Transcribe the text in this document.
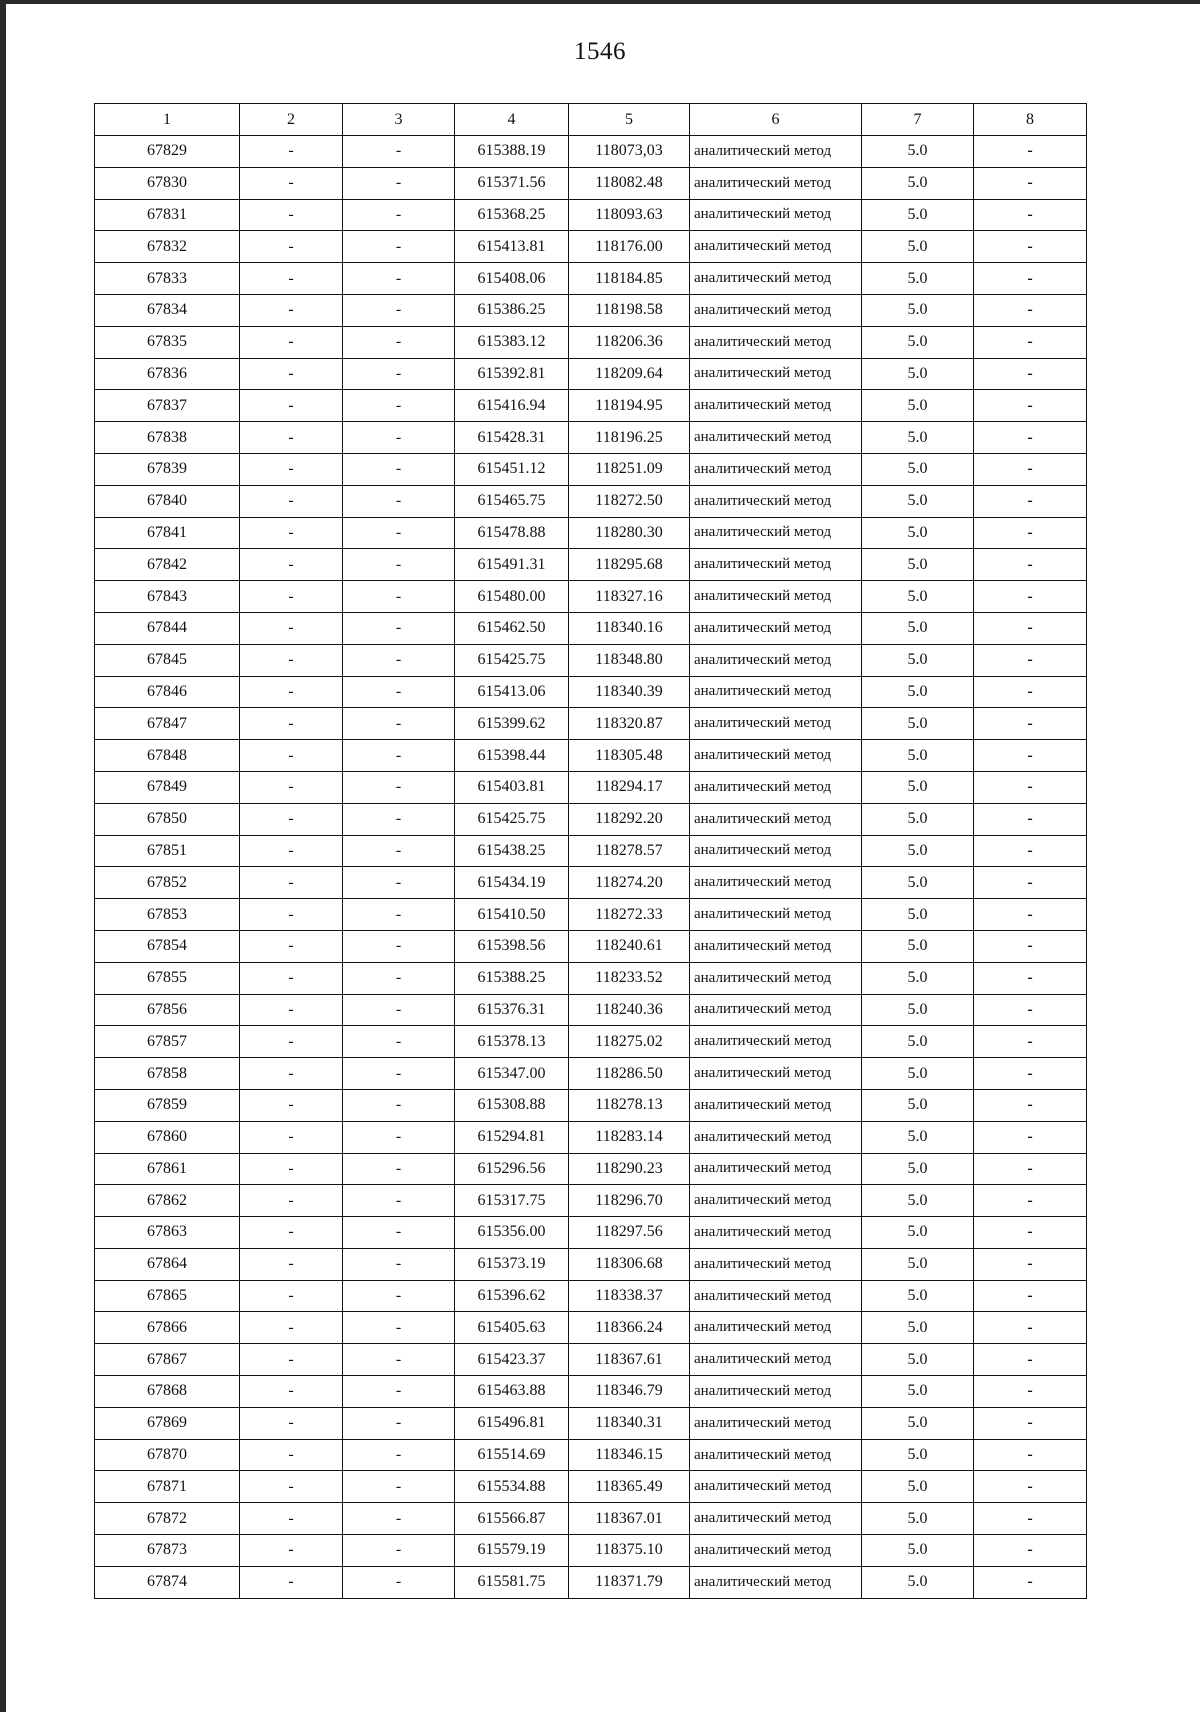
1546
1	2	3	4	5	6	7	8
67829	-	-	615388.19	118073,03	аналитический метод	5.0	-
67830	-	-	615371.56	118082.48	аналитический метод	5.0	-
67831	-	-	615368.25	118093.63	аналитический метод	5.0	-
67832	-	-	615413.81	118176.00	аналитический метод	5.0	-
67833	-	-	615408.06	118184.85	аналитический метод	5.0	-
67834	-	-	615386.25	118198.58	аналитический метод	5.0	-
67835	-	-	615383.12	118206.36	аналитический метод	5.0	-
67836	-	-	615392.81	118209.64	аналитический метод	5.0	-
67837	-	-	615416.94	118194.95	аналитический метод	5.0	-
67838	-	-	615428.31	118196.25	аналитический метод	5.0	-
67839	-	-	615451.12	118251.09	аналитический метод	5.0	-
67840	-	-	615465.75	118272.50	аналитический метод	5.0	-
67841	-	-	615478.88	118280.30	аналитический метод	5.0	-
67842	-	-	615491.31	118295.68	аналитический метод	5.0	-
67843	-	-	615480.00	118327.16	аналитический метод	5.0	-
67844	-	-	615462.50	118340.16	аналитический метод	5.0	-
67845	-	-	615425.75	118348.80	аналитический метод	5.0	-
67846	-	-	615413.06	118340.39	аналитический метод	5.0	-
67847	-	-	615399.62	118320.87	аналитический метод	5.0	-
67848	-	-	615398.44	118305.48	аналитический метод	5.0	-
67849	-	-	615403.81	118294.17	аналитический метод	5.0	-
67850	-	-	615425.75	118292.20	аналитический метод	5.0	-
67851	-	-	615438.25	118278.57	аналитический метод	5.0	-
67852	-	-	615434.19	118274.20	аналитический метод	5.0	-
67853	-	-	615410.50	118272.33	аналитический метод	5.0	-
67854	-	-	615398.56	118240.61	аналитический метод	5.0	-
67855	-	-	615388.25	118233.52	аналитический метод	5.0	-
67856	-	-	615376.31	118240.36	аналитический метод	5.0	-
67857	-	-	615378.13	118275.02	аналитический метод	5.0	-
67858	-	-	615347.00	118286.50	аналитический метод	5.0	-
67859	-	-	615308.88	118278.13	аналитический метод	5.0	-
67860	-	-	615294.81	118283.14	аналитический метод	5.0	-
67861	-	-	615296.56	118290.23	аналитический метод	5.0	-
67862	-	-	615317.75	118296.70	аналитический метод	5.0	-
67863	-	-	615356.00	118297.56	аналитический метод	5.0	-
67864	-	-	615373.19	118306.68	аналитический метод	5.0	-
67865	-	-	615396.62	118338.37	аналитический метод	5.0	-
67866	-	-	615405.63	118366.24	аналитический метод	5.0	-
67867	-	-	615423.37	118367.61	аналитический метод	5.0	-
67868	-	-	615463.88	118346.79	аналитический метод	5.0	-
67869	-	-	615496.81	118340.31	аналитический метод	5.0	-
67870	-	-	615514.69	118346.15	аналитический метод	5.0	-
67871	-	-	615534.88	118365.49	аналитический метод	5.0	-
67872	-	-	615566.87	118367.01	аналитический метод	5.0	-
67873	-	-	615579.19	118375.10	аналитический метод	5.0	-
67874	-	-	615581.75	118371.79	аналитический метод	5.0	-
